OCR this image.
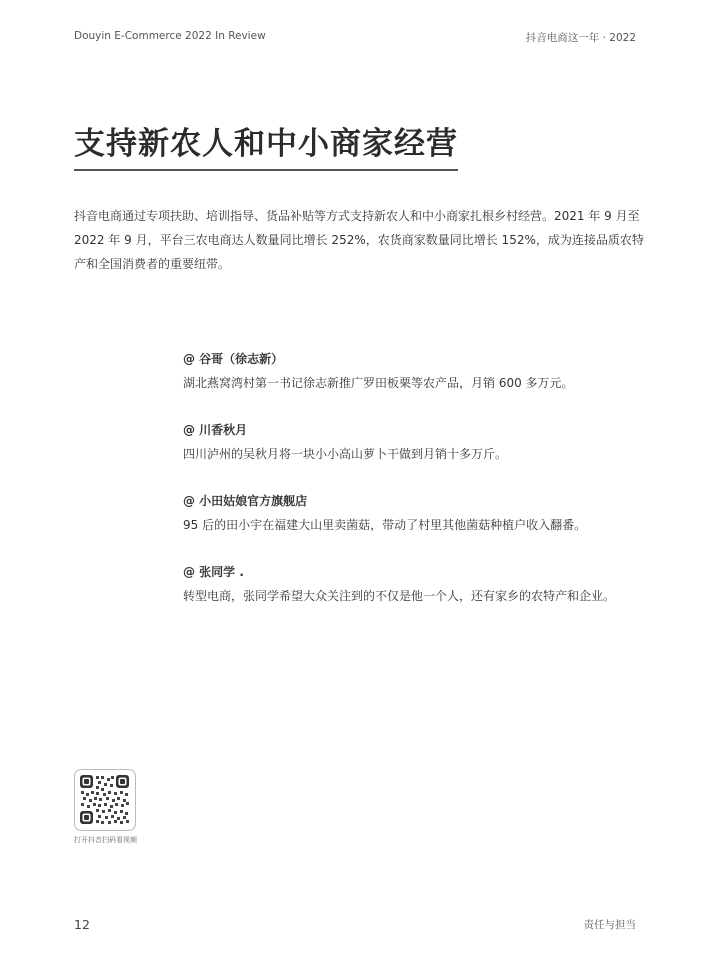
Douyin E-Commerce 2022 In Review	抖音电商这一年 · 2022
支持新农人和中小商家经营

抖音电商通过专项扶助、培训指导、货品补贴等方式支持新农人和中小商家扎根乡村经营。2021 年 9 月至 2022 年 9 月，平台三农电商达人数量同比增长 252%，农货商家数量同比增长 152%，成为连接品质农特产和全国消费者的重要纽带。

@ 谷哥（徐志新）
湖北燕窝湾村第一书记徐志新推广罗田板栗等农产品，月销 600 多万元。
@ 川香秋月
四川泸州的吴秋月将一块小小高山萝卜干做到月销十多万斤。
@ 小田姑娘官方旗舰店
95 后的田小宇在福建大山里卖菌菇，带动了村里其他菌菇种植户收入翻番。
@ 张同学 .
转型电商，张同学希望大众关注到的不仅是他一个人，还有家乡的农特产和企业。
打开抖音扫码看视频
12	责任与担当
